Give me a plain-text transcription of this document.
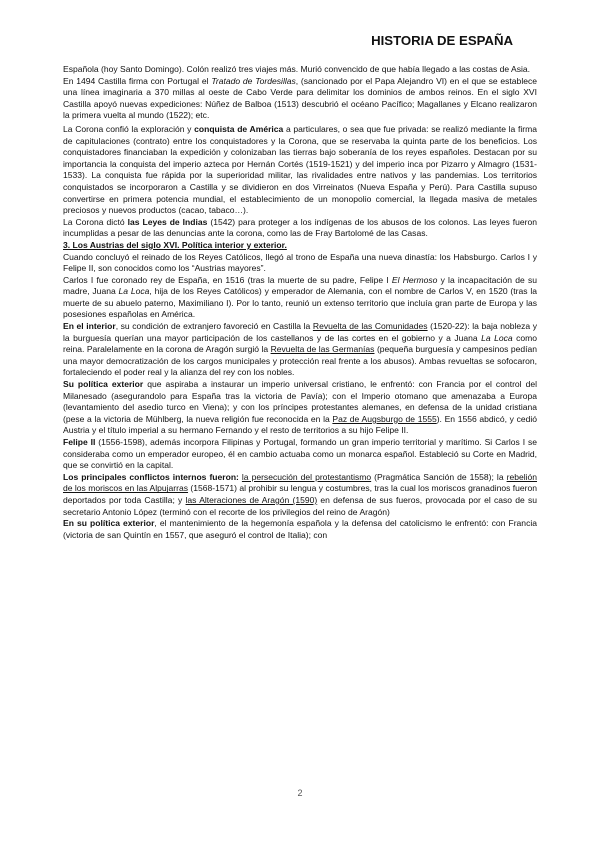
HISTORIA DE ESPAÑA

Española (hoy Santo Domingo). Colón realizó tres viajes más. Murió convencido de que había llegado a las costas de Asia.

En 1494 Castilla firma con Portugal el Tratado de Tordesillas, (sancionado por el Papa Alejandro VI) en el que se establece una línea imaginaria a 370 millas al oeste de Cabo Verde para delimitar los dominios de ambos reinos. En el siglo XVI Castilla apoyó nuevas expediciones: Núñez de Balboa (1513) descubrió el océano Pacífico; Magallanes y Elcano realizaron la primera vuelta al mundo (1522); etc.

La Corona confió la exploración y conquista de América a particulares, o sea que fue privada: se realizó mediante la firma de capitulaciones (contrato) entre los conquistadores y la Corona, que se reservaba la quinta parte de los beneficios. Los conquistadores financiaban la expedición y colonizaban las tierras bajo soberanía de los reyes españoles. Destacan por su importancia la conquista del imperio azteca por Hernán Cortés (1519-1521) y del imperio inca por Pizarro y Almagro (1531-1533). La conquista fue rápida por la superioridad militar, las rivalidades entre nativos y las pandemias. Los territorios conquistados se incorporaron a Castilla y se dividieron en dos Virreinatos (Nueva España y Perú). Para Castilla supuso convertirse en primera potencia mundial, el establecimiento de un monopolio comercial, la llegada masiva de metales preciosos y nuevos productos (cacao, tabaco…).

La Corona dictó las Leyes de Indias (1542) para proteger a los indígenas de los abusos de los colonos. Las leyes fueron incumplidas a pesar de las denuncias ante la corona, como las de Fray Bartolomé de las Casas.

3. Los Austrias del siglo XVI. Política interior y exterior.

Cuando concluyó el reinado de los Reyes Católicos, llegó al trono de España una nueva dinastía: los Habsburgo. Carlos I y Felipe II, son conocidos como los “Austrias mayores”.

Carlos I fue coronado rey de España, en 1516 (tras la muerte de su padre, Felipe I El Hermoso y la incapacitación de su madre, Juana La Loca, hija de los Reyes Católicos) y emperador de Alemania, con el nombre de Carlos V, en 1520 (tras la muerte de su abuelo paterno, Maximiliano I). Por lo tanto, reunió un extenso territorio que incluía gran parte de Europa y las posesiones españolas en América.

En el interior, su condición de extranjero favoreció en Castilla la Revuelta de las Comunidades (1520-22): la baja nobleza y la burguesía querían una mayor participación de los castellanos y de las cortes en el gobierno y a Juana La Loca como reina. Paralelamente en la corona de Aragón surgió la Revuelta de las Germanías (pequeña burguesía y campesinos pedían una mayor democratización de los cargos municipales y protección real frente a los abusos). Ambas revueltas se sofocaron, fortaleciendo el poder real y la alianza del rey con los nobles.

Su política exterior que aspiraba a instaurar un imperio universal cristiano, le enfrentó: con Francia por el control del Milanesado (asegurandolo para España tras la victoria de Pavía); con el Imperio otomano que amenazaba a Europa (levantamiento del asedio turco en Viena); y con los príncipes protestantes alemanes, en defensa de la unidad cristiana (pese a la victoria de Mühlberg, la nueva religión fue reconocida en la Paz de Augsburgo de 1555). En 1556 abdicó, y cedió Austria y el título imperial a su hermano Fernando y el resto de territorios a su hijo Felipe II.

Felipe II (1556-1598), además incorpora Filipinas y Portugal, formando un gran imperio territorial y marítimo. Si Carlos I se consideraba como un emperador europeo, él en cambio actuaba como un monarca español. Estableció su Corte en Madrid, que se convirtió en la capital.

Los principales conflictos internos fueron: la persecución del protestantismo (Pragmática Sanción de 1558); la rebelión de los moriscos en las Alpujarras (1568-1571) al prohibir su lengua y costumbres, tras la cual los moriscos granadinos fueron deportados por toda Castilla; y las Alteraciones de Aragón (1590) en defensa de sus fueros, provocada por el caso de su secretario Antonio López (terminó con el recorte de los privilegios del reino de Aragón)

En su política exterior, el mantenimiento de la hegemonía española y la defensa del catolicismo le enfrentó: con Francia (victoria de san Quintín en 1557, que aseguró el control de Italia); con

2
